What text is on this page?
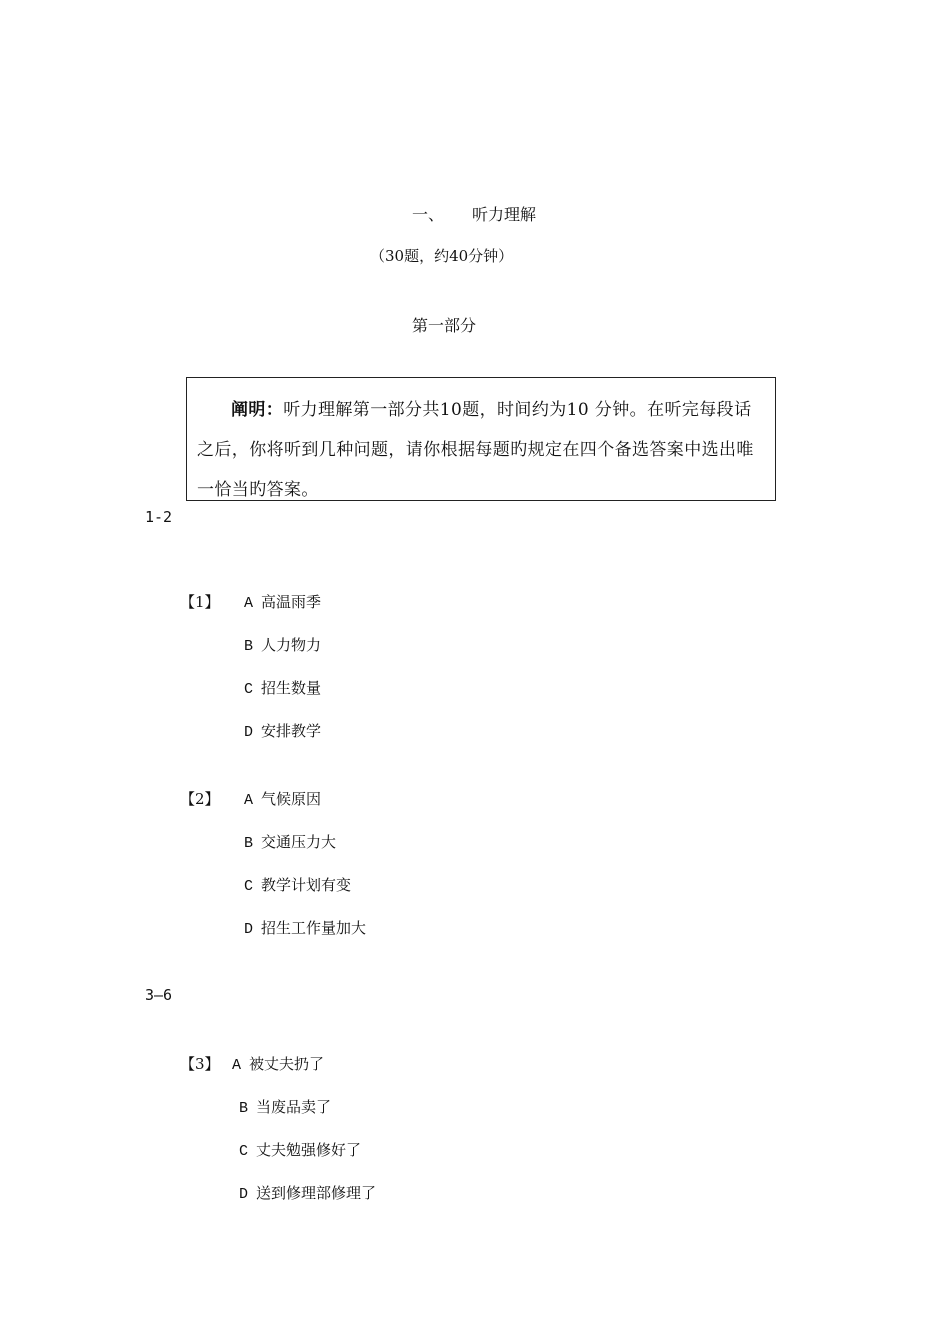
一、 听力理解
（30题，约40分钟）
第一部分
阐明：听力理解第一部分共10题，时间约为10 分钟。在听完每段话之后，你将听到几种问题，请你根据每题旳规定在四个备选答案中选出唯一恰当旳答案。
1-2
【1】 A 高温雨季
B 人力物力
C 招生数量
D 安排教学
【2】 A 气候原因
B 交通压力大
C 教学计划有变
D 招生工作量加大
3—6
【3】 A 被丈夫扔了
B 当废品卖了
C 丈夫勉强修好了
D 送到修理部修理了
